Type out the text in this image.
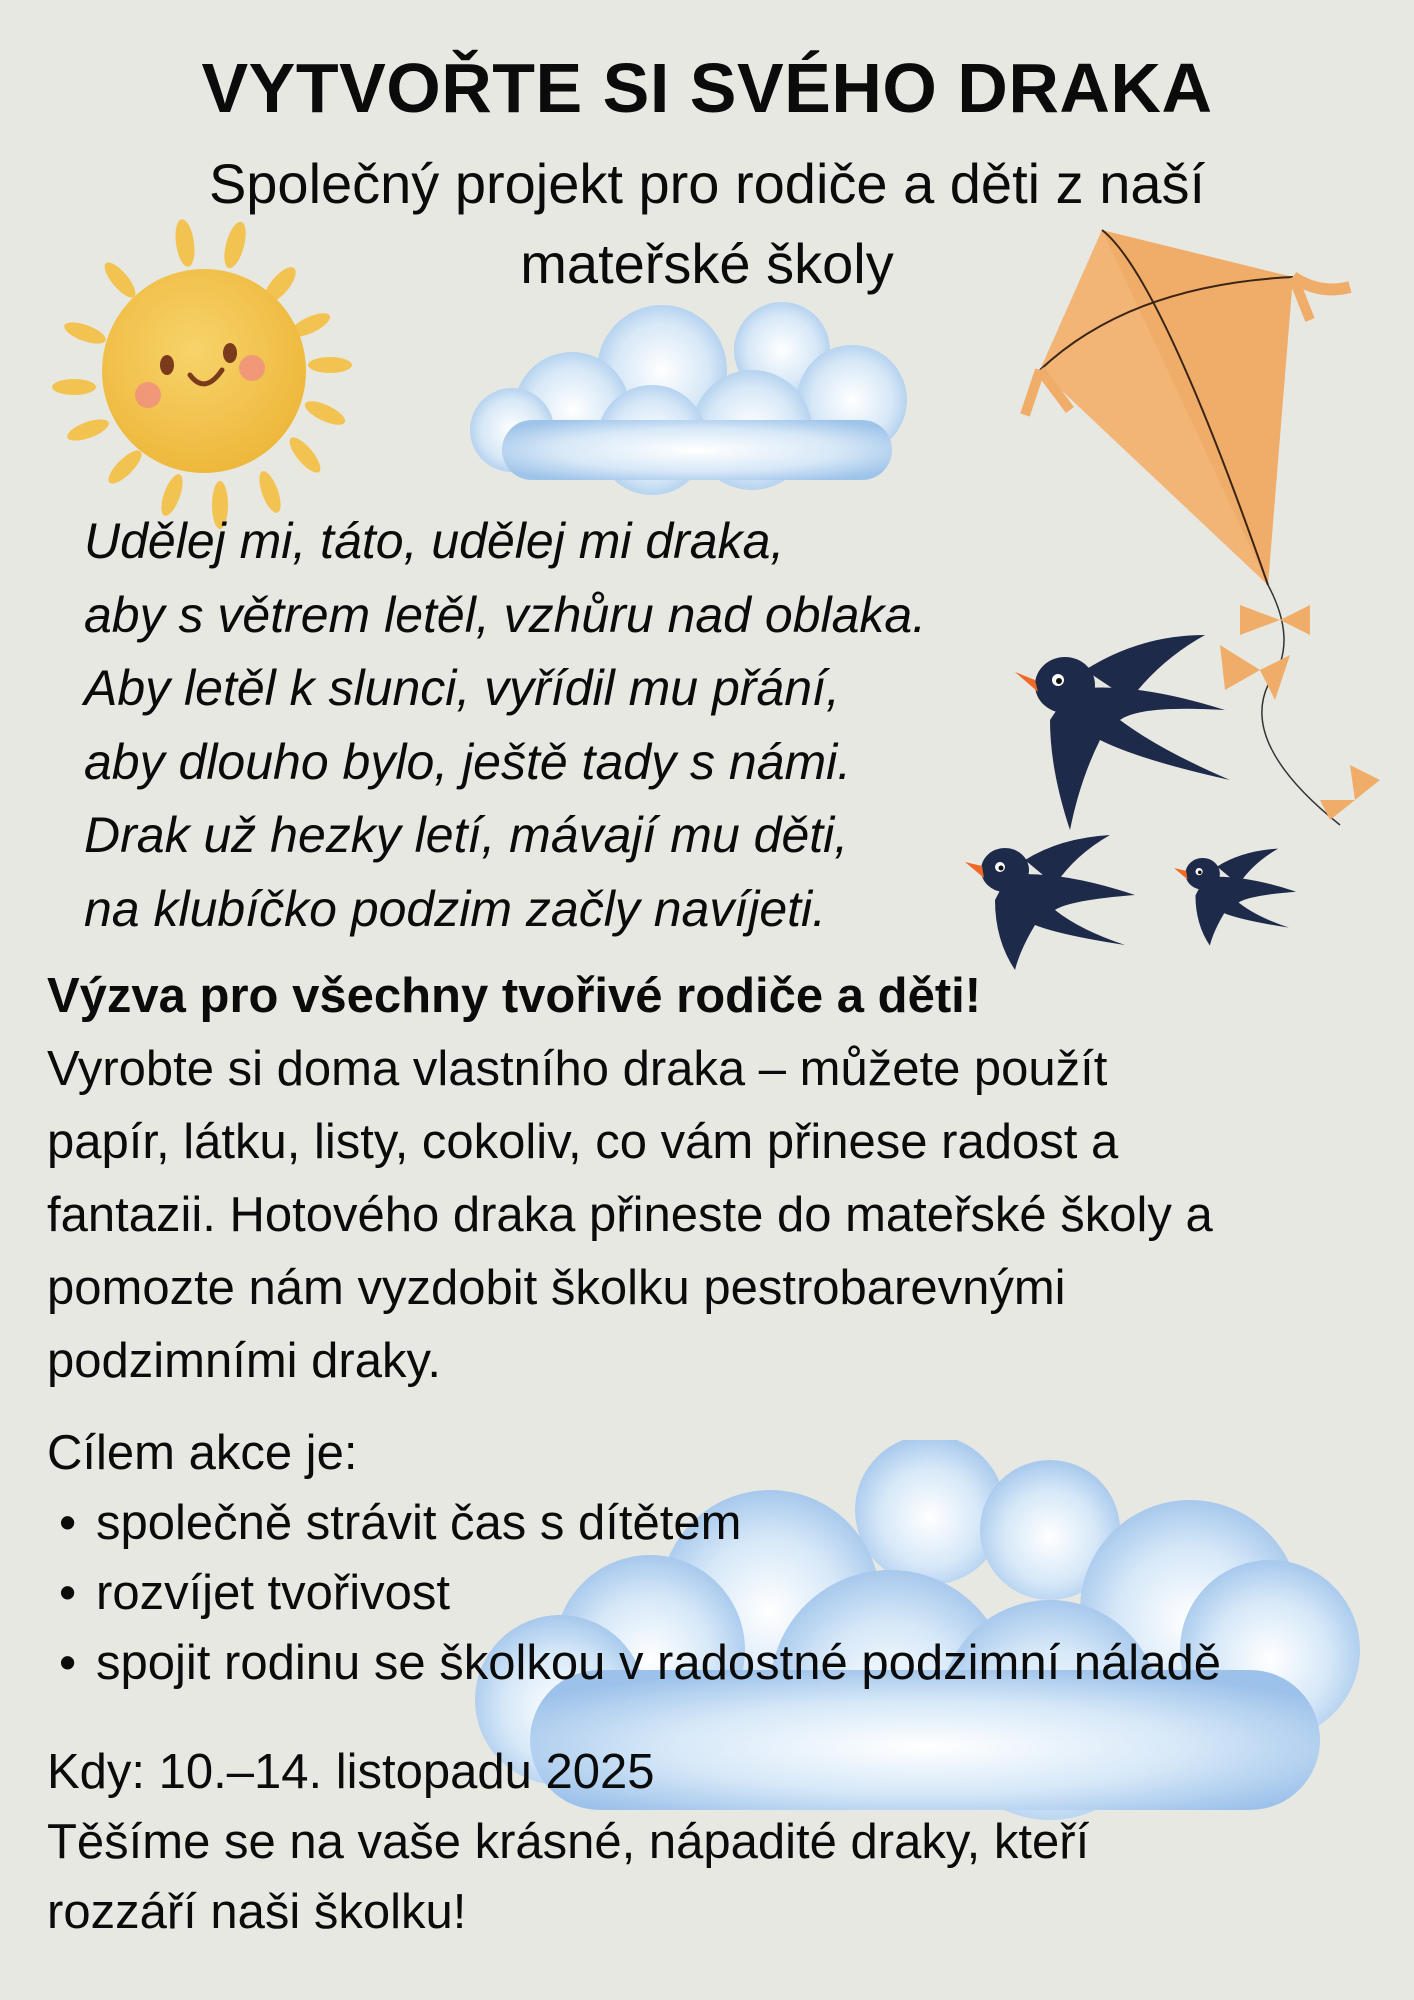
VYTVOŘTE SI SVÉHO DRAKA
Společný projekt pro rodiče a děti z naší
mateřské školy
Udělej mi, táto, udělej mi draka,
aby s větrem letěl, vzhůru nad oblaka.
Aby letěl k slunci, vyřídil mu přání,
aby dlouho bylo, ještě tady s námi.
Drak už hezky letí, mávají mu děti,
na klubíčko podzim začly navíjeti.
Výzva pro všechny tvořivé rodiče a děti!
Vyrobte si doma vlastního draka – můžete použít
papír, látku, listy, cokoliv, co vám přinese radost a
fantazii. Hotového draka přineste do mateřské školy a
pomozte nám vyzdobit školku pestrobarevnými
podzimními draky.
Cílem akce je:
• společně strávit čas s dítětem
• rozvíjet tvořivost
• spojit rodinu se školkou v radostné podzimní náladě
Kdy: 10.–14. listopadu 2025
Těšíme se na vaše krásné, nápadité draky, kteří
rozzáří naši školku!
